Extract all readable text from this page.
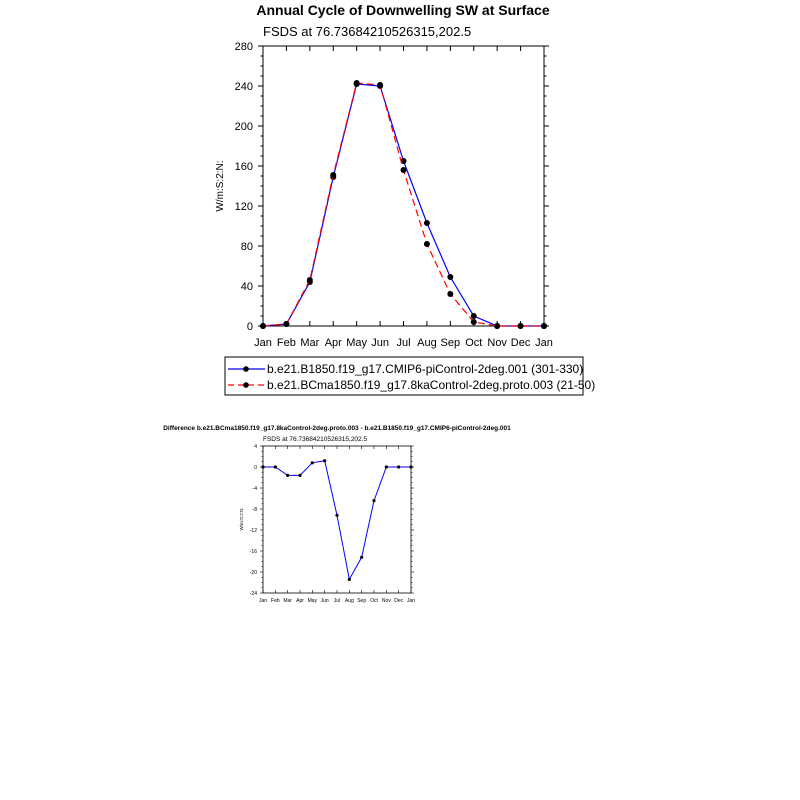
Annual Cycle of Downwelling SW at Surface
FSDS at 76.73684210526315,202.5
W/m:S:2:N:
Jan Feb Mar Apr May Jun Jul Aug Sep Oct Nov Dec Jan
0
40
80
120
160
200
240
280
b.e21.B1850.f19_g17.CMIP6-piControl-2deg.001 (301-330)
b.e21.BCma1850.f19_g17.8kaControl-2deg.proto.003 (21-50)
Difference b.e21.BCma1850.f19_g17.8kaControl-2deg.proto.003 - b.e21.B1850.f19_g17.CMIP6-piControl-2deg.001
FSDS at 76.73684210526315,202.5
W/m:S:2:N:
Jan Feb Mar Apr May Jun Jul Aug Sep Oct Nov Dec Jan
-24
-20
-16
-12
-8
-4
0
4
